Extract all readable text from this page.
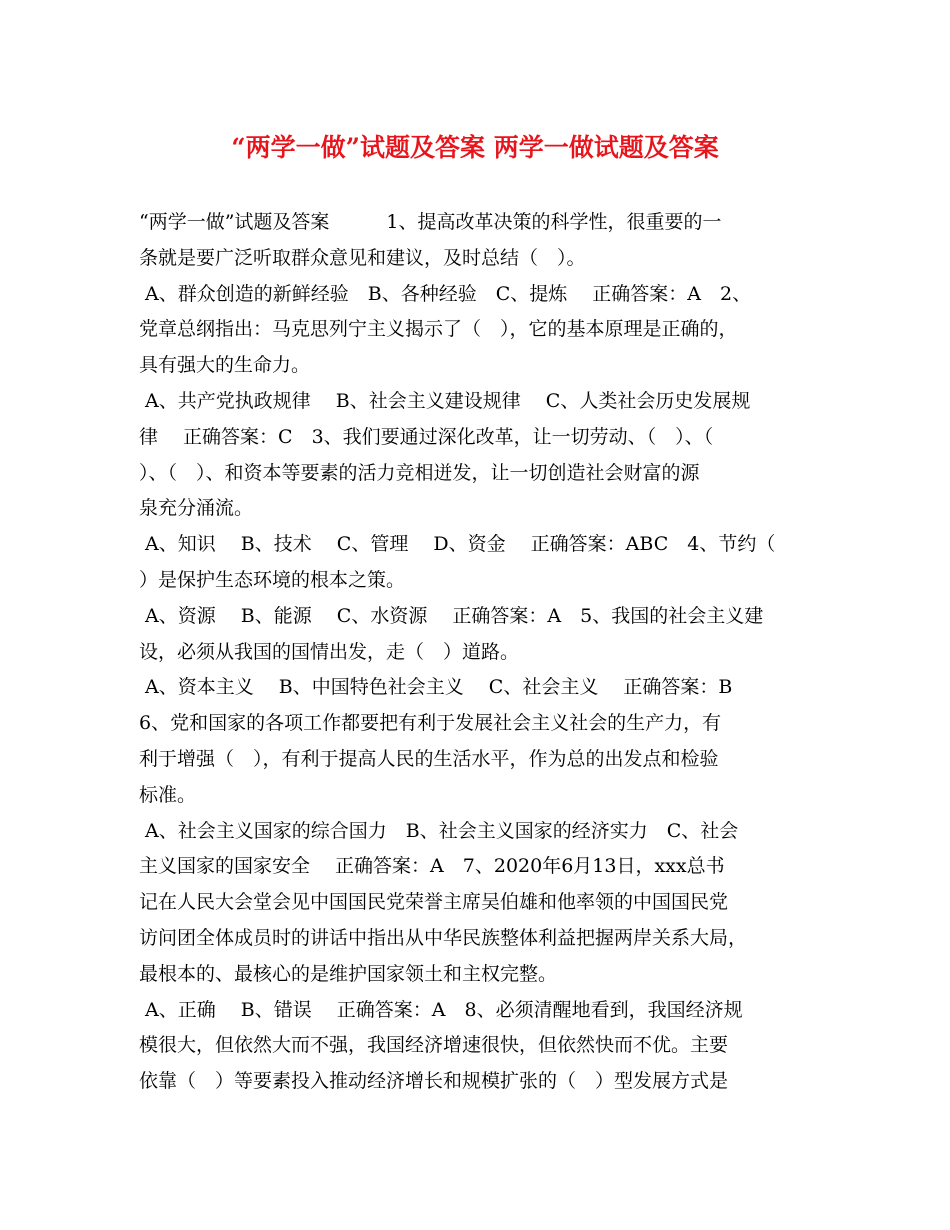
“两学一做”试题及答案 两学一做试题及答案
“两学一做”试题及答案　　　1、提高改革决策的科学性，很重要的一
条就是要广泛听取群众意见和建议，及时总结（　）。
A、群众创造的新鲜经验　B、各种经验　C、提炼　 正确答案：A　2、
党章总纲指出：马克思列宁主义揭示了（　），它的基本原理是正确的，
具有强大的生命力。
A、共产党执政规律　 B、社会主义建设规律　 C、人类社会历史发展规
律　 正确答案：C　3、我们要通过深化改革，让一切劳动、（　）、（
）、（　）、和资本等要素的活力竞相迸发，让一切创造社会财富的源
泉充分涌流。
A、知识　 B、技术　 C、管理　 D、资金　 正确答案：ABC　4、节约（
）是保护生态环境的根本之策。
A、资源　 B、能源　 C、水资源　 正确答案：A　5、我国的社会主义建
设，必须从我国的国情出发，走（　）道路。
A、资本主义　 B、中国特色社会主义　 C、社会主义　 正确答案：B
6、党和国家的各项工作都要把有利于发展社会主义社会的生产力，有
利于增强（　），有利于提高人民的生活水平，作为总的出发点和检验
标准。
A、社会主义国家的综合国力　B、社会主义国家的经济实力　C、社会
主义国家的国家安全　 正确答案：A　7、2020年6月13日，xxx总书
记在人民大会堂会见中国国民党荣誉主席吴伯雄和他率领的中国国民党
访问团全体成员时的讲话中指出从中华民族整体利益把握两岸关系大局，
最根本的、最核心的是维护国家领土和主权完整。
A、正确　 B、错误　 正确答案：A　8、必须清醒地看到，我国经济规
模很大，但依然大而不强，我国经济增速很快，但依然快而不优。主要
依靠（　）等要素投入推动经济增长和规模扩张的（　）型发展方式是
